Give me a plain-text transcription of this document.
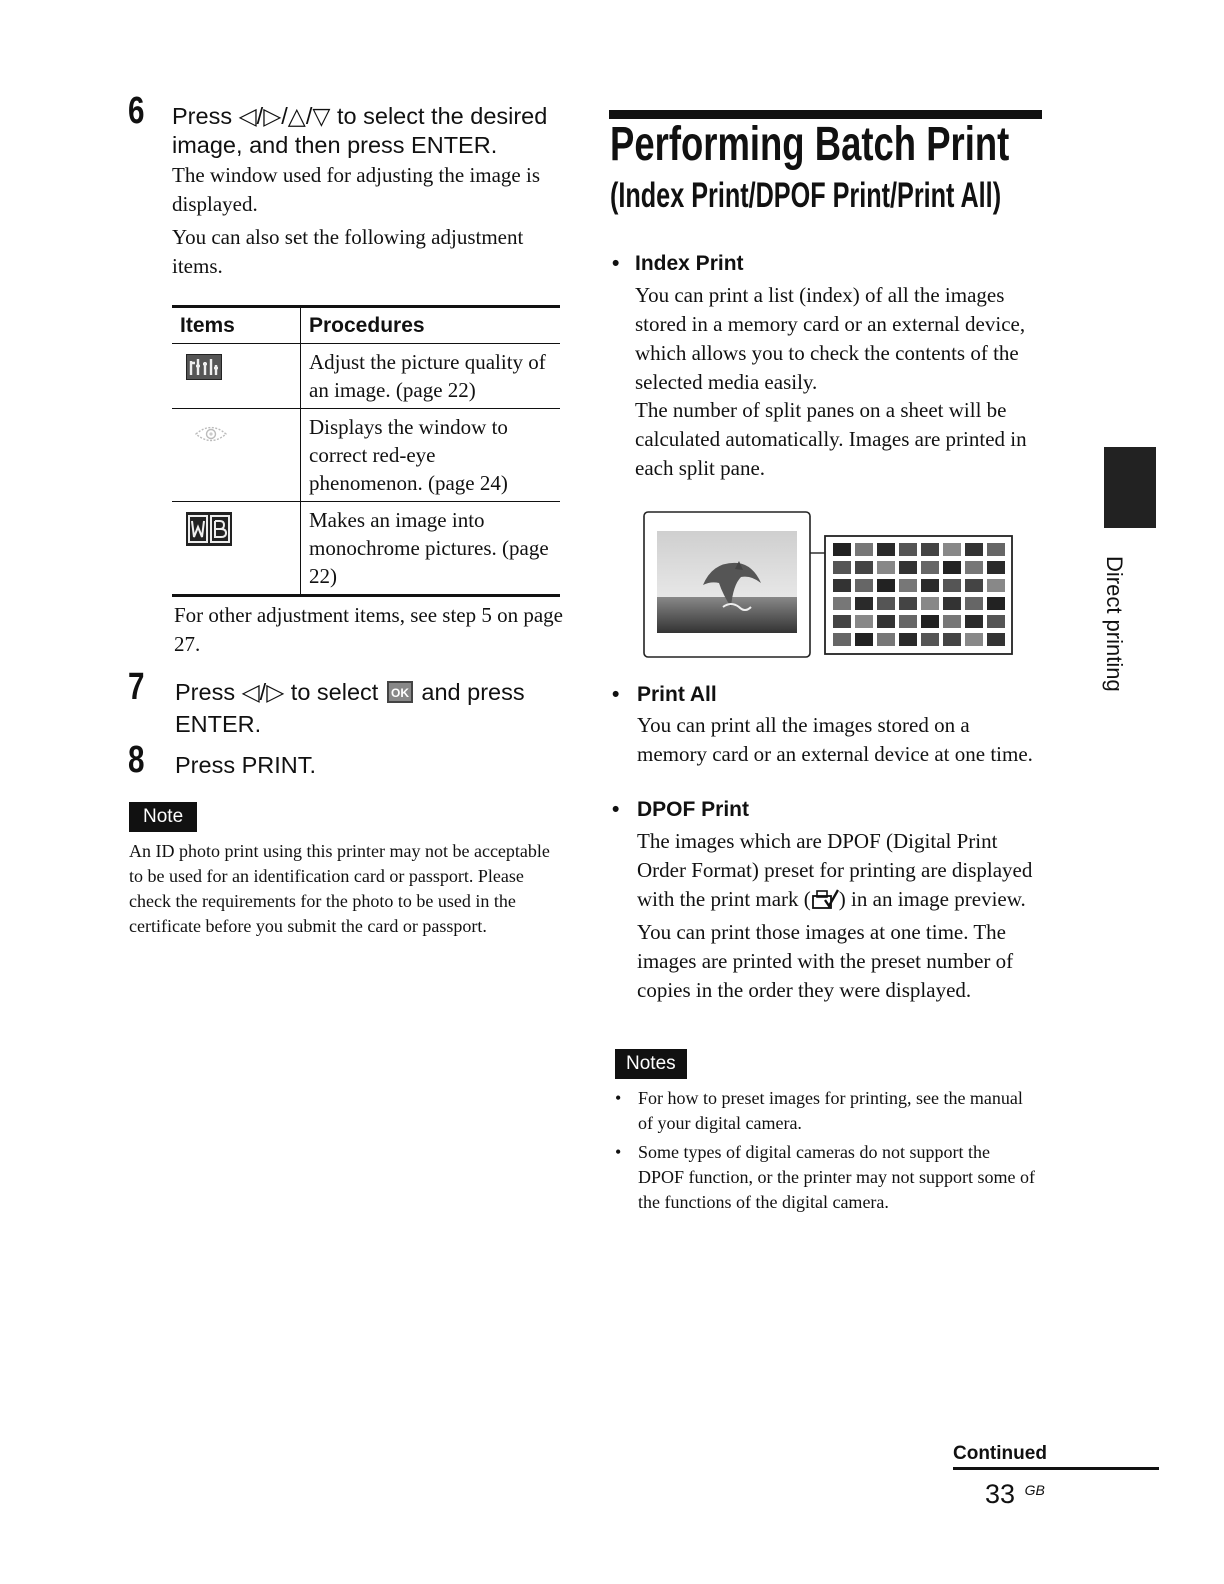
6 Press ◁/▷/△/▽ to select the desired image, and then press ENTER.
The window used for adjusting the image is displayed.
You can also set the following adjustment items.
Items	Procedures
	Adjust the picture quality of an image. (page 22)
	Displays the window to correct red-eye phenomenon. (page 24)
	Makes an image into monochrome pictures. (page 22)
For other adjustment items, see step 5 on page 27.
7 Press ◁/▷ to select OK and press ENTER.
8 Press PRINT.
Note
An ID photo print using this printer may not be acceptable to be used for an identification card or passport. Please check the requirements for the photo to be used in the certificate before you submit the card or passport.
Performing Batch Print
(Index Print/DPOF Print/Print All)
• Index Print
You can print a list (index) of all the images stored in a memory card or an external device, which allows you to check the contents of the selected media easily.
The number of split panes on a sheet will be calculated automatically. Images are printed in each split pane.
• Print All
You can print all the images stored on a memory card or an external device at one time.
• DPOF Print
The images which are DPOF (Digital Print Order Format) preset for printing are displayed with the print mark ( ) in an image preview. You can print those images at one time. The images are printed with the preset number of copies in the order they were displayed.
Notes
• For how to preset images for printing, see the manual of your digital camera.
• Some types of digital cameras do not support the DPOF function, or the printer may not support some of the functions of the digital camera.
Direct printing
Continued
33 $^{GB}$
